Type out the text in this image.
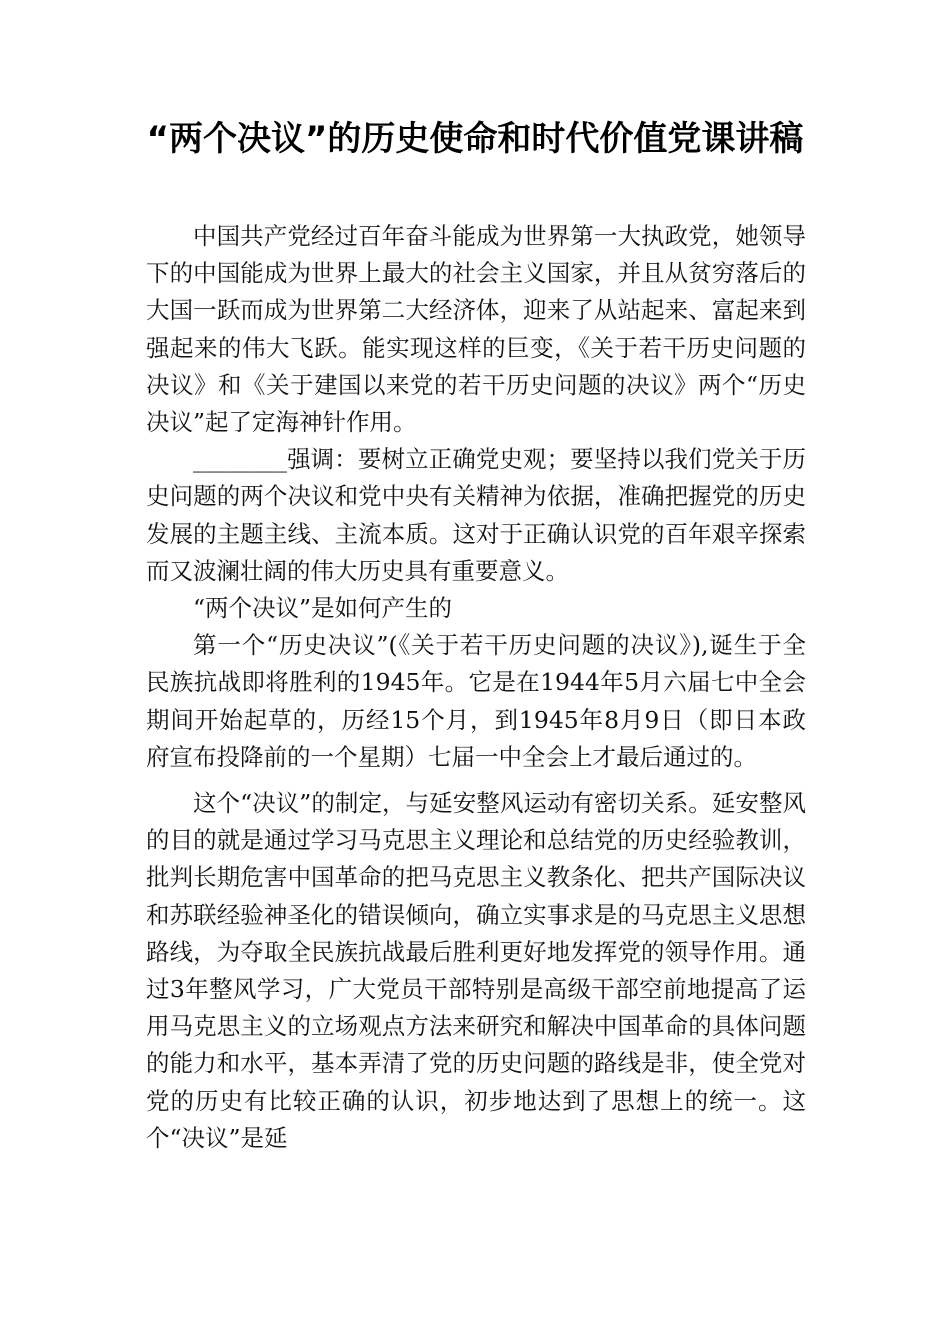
“两个决议”的历史使命和时代价值党课讲稿

中国共产党经过百年奋斗能成为世界第一大执政党，她领导下的中国能成为世界上最大的社会主义国家，并且从贫穷落后的大国一跃而成为世界第二大经济体，迎来了从站起来、富起来到强起来的伟大飞跃。能实现这样的巨变，《关于若干历史问题的决议》和《关于建国以来党的若干历史问题的决议》两个“历史决议”起了定海神针作用。

________强调：要树立正确党史观；要坚持以我们党关于历史问题的两个决议和党中央有关精神为依据，准确把握党的历史发展的主题主线、主流本质。这对于正确认识党的百年艰辛探索而又波澜壮阔的伟大历史具有重要意义。

“两个决议”是如何产生的

第一个“历史决议”(《关于若干历史问题的决议》),诞生于全民族抗战即将胜利的1945年。它是在1944年5月六届七中全会期间开始起草的，历经15个月，到1945年8月9日（即日本政府宣布投降前的一个星期）七届一中全会上才最后通过的。

这个“决议”的制定，与延安整风运动有密切关系。延安整风的目的就是通过学习马克思主义理论和总结党的历史经验教训，批判长期危害中国革命的把马克思主义教条化、把共产国际决议和苏联经验神圣化的错误倾向，确立实事求是的马克思主义思想路线，为夺取全民族抗战最后胜利更好地发挥党的领导作用。通过3年整风学习，广大党员干部特别是高级干部空前地提高了运用马克思主义的立场观点方法来研究和解决中国革命的具体问题的能力和水平，基本弄清了党的历史问题的路线是非，使全党对党的历史有比较正确的认识，初步地达到了思想上的统一。这个“决议”是延
